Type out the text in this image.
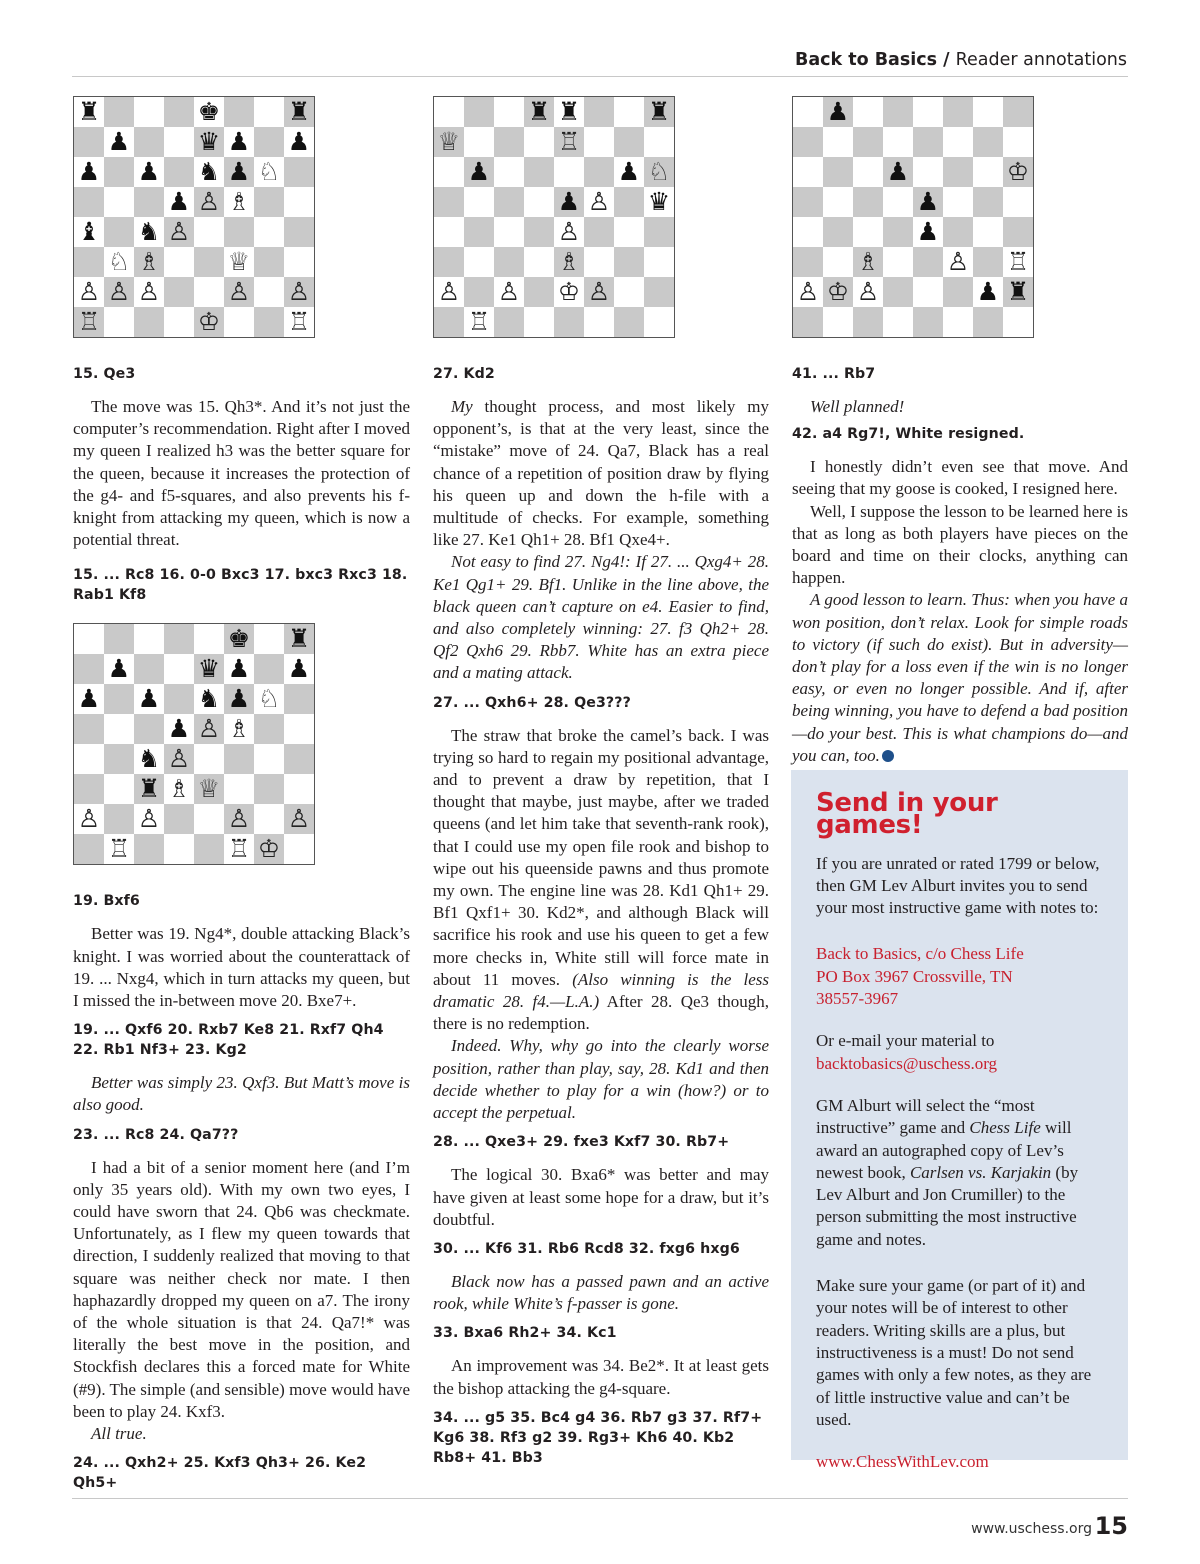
Back to Basics / Reader annotations
♜	♚	♜
♟	♛ ♟ ♟
♟ ♟ ♞ ♟ ♘
♟ ♙ ♗
♝ ♞ ♙
♘ ♗	♕
♙ ♙ ♙	♙ ♙
♖	♔	♖
15. Qe3

The move was 15. Qh3*. And it’s not just the computer’s recommendation. Right after I moved my queen I realized h3 was the better square for the queen, because it increases the protection of the g4- and f5-squares, and also prevents his f-knight from attacking my queen, which is now a potential threat.

15. ... Rc8 16. 0-0 Bxc3 17. bxc3 Rxc3 18. Rab1 Kf8
♚ ♜
♟	♛ ♟ ♟
♟ ♟ ♞ ♟ ♘
♟ ♙ ♗
♞ ♙
♜ ♗ ♕
♙ ♙	♙ ♙
♖	♖ ♔
19. Bxf6

Better was 19. Ng4*, double attacking Black’s knight. I was worried about the counterattack of 19. ... Nxg4, which in turn attacks my queen, but I missed the in-between move 20. Bxe7+.

19. ... Qxf6 20. Rxb7 Ke8 21. Rxf7 Qh4 22. Rb1 Nf3+ 23. Kg2

Better was simply 23. Qxf3. But Matt’s move is also good.

23. ... Rc8 24. Qa7??

I had a bit of a senior moment here (and I’m only 35 years old). With my own two eyes, I could have sworn that 24. Qb6 was checkmate. Unfortunately, as I flew my queen towards that direction, I suddenly realized that moving to that square was neither check nor mate. I then haphazardly dropped my queen on a7. The irony of the whole situation is that 24. Qa7!* was literally the best move in the position, and Stockfish declares this a forced mate for White (#9). The simple (and sensible) move would have been to play 24. Kxf3.

All true.

24. ... Qxh2+ 25. Kxf3 Qh3+ 26. Ke2 Qh5+
♜ ♜	♜
♕	♖
♟	♟ ♘
♟ ♙ ♛
♙
♗
♙ ♙ ♔ ♙
♖
27. Kd2

My thought process, and most likely my opponent’s, is that at the very least, since the “mistake” move of 24. Qa7, Black has a real chance of a repetition of position draw by flying his queen up and down the h-file with a multitude of checks. For example, something like 27. Ke1 Qh1+ 28. Bf1 Qxe4+.

Not easy to find 27. Ng4!: If 27. ... Qxg4+ 28. Ke1 Qg1+ 29. Bf1. Unlike in the line above, the black queen can’t capture on e4. Easier to find, and also completely winning: 27. f3 Qh2+ 28. Qf2 Qxh6 29. Rbb7. White has an extra piece and a mating attack.

27. ... Qxh6+ 28. Qe3???

The straw that broke the camel’s back. I was trying so hard to regain my positional advantage, and to prevent a draw by repetition, that I thought that maybe, just maybe, after we traded queens (and let him take that seventh-rank rook), that I could use my open file rook and bishop to wipe out his queenside pawns and thus promote my own. The engine line was 28. Kd1 Qh1+ 29. Bf1 Qxf1+ 30. Kd2*, and although Black will sacrifice his rook and use his queen to get a few more checks in, White still will force mate in about 11 moves. (Also winning is the less dramatic 28. f4.—L.A.) After 28. Qe3 though, there is no redemption.

Indeed. Why, why go into the clearly worse position, rather than play, say, 28. Kd1 and then decide whether to play for a win (how?) or to accept the perpetual.

28. ... Qxe3+ 29. fxe3 Kxf7 30. Rb7+

The logical 30. Bxa6* was better and may have given at least some hope for a draw, but it’s doubtful.

30. ... Kf6 31. Rb6 Rcd8 32. fxg6 hxg6

Black now has a passed pawn and an active rook, while White’s f-passer is gone.

33. Bxa6 Rh2+ 34. Kc1

An improvement was 34. Be2*. It at least gets the bishop attacking the g4-square.

34. ... g5 35. Bc4 g4 36. Rb7 g3 37. Rf7+ Kg6 38. Rf3 g2 39. Rg3+ Kh6 40. Kb2 Rb8+ 41. Bb3
♟
♟	♔
♟
♟
♗	♙ ♖
♙ ♔ ♙	♟ ♜
41. ... Rb7

Well planned!

42. a4 Rg7!, White resigned.

I honestly didn’t even see that move. And seeing that my goose is cooked, I resigned here.

Well, I suppose the lesson to be learned here is that as long as both players have pieces on the board and time on their clocks, anything can happen.

A good lesson to learn. Thus: when you have a won position, don’t relax. Look for simple roads to victory (if such do exist). But in adversity—don’t play for a loss even if the win is no longer easy, or even no longer possible. And if, after being winning, you have to defend a bad position—do your best. This is what champions do—and you can, too.

Send in your games!
If you are unrated or rated 1799 or below, then GM Lev Alburt invites you to send your most instructive game with notes to:
Back to Basics, c/o Chess Life
PO Box 3967 Crossville, TN
38557-3967
Or e-mail your material to
backtobasics@uschess.org
GM Alburt will select the “most instructive” game and Chess Life will award an autographed copy of Lev’s newest book, Carlsen vs. Karjakin (by Lev Alburt and Jon Crumiller) to the person submitting the most instructive game and notes.
Make sure your game (or part of it) and your notes will be of interest to other readers. Writing skills are a plus, but instructiveness is a must! Do not send games with only a few notes, as they are of little instructive value and can’t be used.
www.ChessWithLev.com
www.uschess.org 15
